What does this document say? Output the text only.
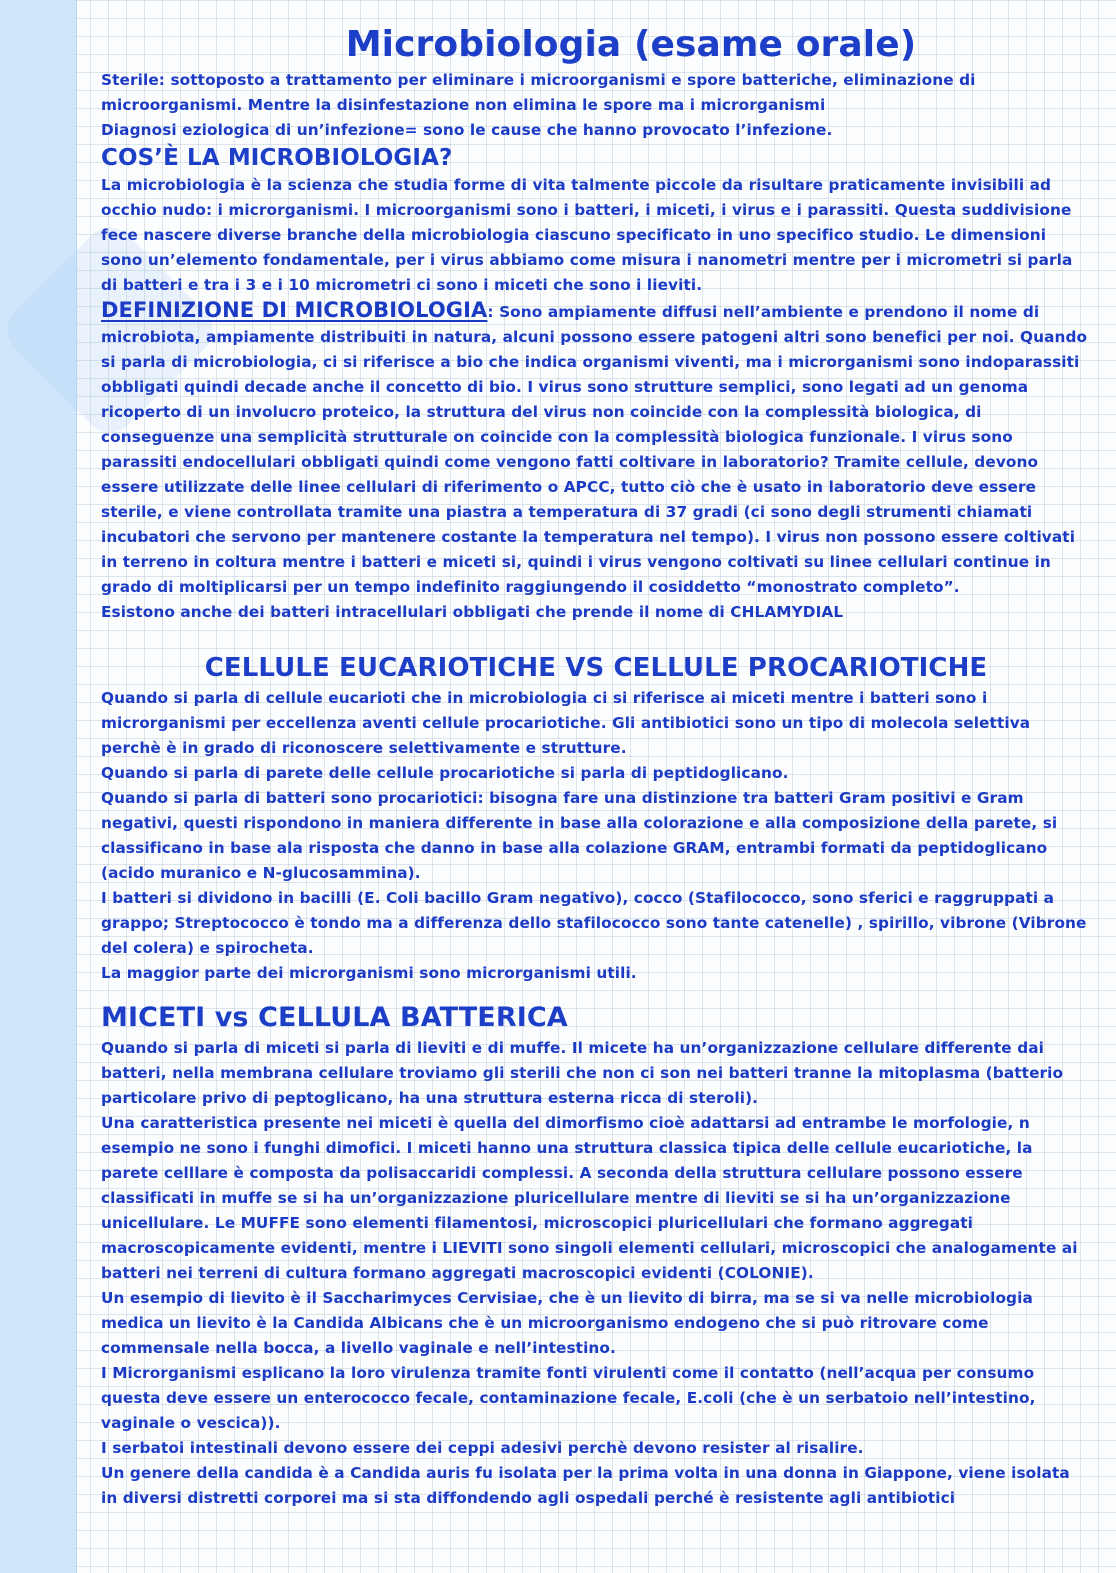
Microbiologia (esame orale)

Sterile: sottoposto a trattamento per eliminare i microorganismi e spore batteriche, eliminazione di microorganismi. Mentre la disinfestazione non elimina le spore ma i microrganismi

Diagnosi eziologica di un’infezione= sono le cause che hanno provocato l’infezione.

COS’È LA MICROBIOLOGIA?

La microbiologia è la scienza che studia forme di vita talmente piccole da risultare praticamente invisibili ad occhio nudo: i microrganismi. I microorganismi sono i batteri, i miceti, i virus e i parassiti. Questa suddivisione fece nascere diverse branche della microbiologia ciascuno specificato in uno specifico studio. Le dimensioni sono un’elemento fondamentale, per i virus abbiamo come misura i nanometri mentre per i micrometri si parla di batteri e tra i 3 e i 10 micrometri ci sono i miceti che sono i lieviti.

DEFINIZIONE DI MICROBIOLOGIA: Sono ampiamente diffusi nell’ambiente e prendono il nome di microbiota, ampiamente distribuiti in natura, alcuni possono essere patogeni altri sono benefici per noi. Quando si parla di microbiologia, ci si riferisce a bio che indica organismi viventi, ma i microrganismi sono indoparassiti obbligati quindi decade anche il concetto di bio. I virus sono strutture semplici, sono legati ad un genoma ricoperto di un involucro proteico, la struttura del virus non coincide con la complessità biologica, di conseguenze una semplicità strutturale on coincide con la complessità biologica funzionale. I virus sono parassiti endocellulari obbligati quindi come vengono fatti coltivare in laboratorio? Tramite cellule, devono essere utilizzate delle linee cellulari di riferimento o APCC, tutto ciò che è usato in laboratorio deve essere sterile, e viene controllata tramite una piastra a temperatura di 37 gradi (ci sono degli strumenti chiamati incubatori che servono per mantenere costante la temperatura nel tempo). I virus non possono essere coltivati in terreno in coltura mentre i batteri e miceti si, quindi i virus vengono coltivati su linee cellulari continue in grado di moltiplicarsi per un tempo indefinito raggiungendo il cosiddetto “monostrato completo”.

Esistono anche dei batteri intracellulari obbligati che prende il nome di CHLAMYDIAL

CELLULE EUCARIOTICHE VS CELLULE PROCARIOTICHE

Quando si parla di cellule eucarioti che in microbiologia ci si riferisce ai miceti mentre i batteri sono i microrganismi per eccellenza aventi cellule procariotiche. Gli antibiotici sono un tipo di molecola selettiva perchè è in grado di riconoscere selettivamente e strutture.

Quando si parla di parete delle cellule procariotiche si parla di peptidoglicano.

Quando si parla di batteri sono procariotici: bisogna fare una distinzione tra batteri Gram positivi e Gram negativi, questi rispondono in maniera differente in base alla colorazione e alla composizione della parete, si classificano in base ala risposta che danno in base alla colazione GRAM, entrambi formati da peptidoglicano (acido muranico e N-glucosammina).

I batteri si dividono in bacilli (E. Coli bacillo Gram negativo), cocco (Stafilococco, sono sferici e raggruppati a grappo; Streptococco è tondo ma a differenza dello stafilococco sono tante catenelle) , spirillo, vibrone (Vibrone del colera) e spirocheta.

La maggior parte dei microrganismi sono microrganismi utili.

MICETI vs CELLULA BATTERICA

Quando si parla di miceti si parla di lieviti e di muffe. Il micete ha un’organizzazione cellulare differente dai batteri, nella membrana cellulare troviamo gli sterili che non ci son nei batteri tranne la mitoplasma (batterio particolare privo di peptoglicano, ha una struttura esterna ricca di steroli).

Una caratteristica presente nei miceti è quella del dimorfismo cioè adattarsi ad entrambe le morfologie, n esempio ne sono i funghi dimofici. I miceti hanno una struttura classica tipica delle cellule eucariotiche, la parete celllare è composta da polisaccaridi complessi. A seconda della struttura cellulare possono essere classificati in muffe se si ha un’organizzazione pluricellulare mentre di lieviti se si ha un’organizzazione unicellulare. Le MUFFE sono elementi filamentosi, microscopici pluricellulari che formano aggregati macroscopicamente evidenti, mentre i LIEVITI sono singoli elementi cellulari, microscopici che analogamente ai batteri nei terreni di cultura formano aggregati macroscopici evidenti (COLONIE).

Un esempio di lievito è il Saccharimyces Cervisiae, che è un lievito di birra, ma se si va nelle microbiologia medica un lievito è la Candida Albicans che è un microorganismo endogeno che si può ritrovare come commensale nella bocca, a livello vaginale e nell’intestino.

I Microrganismi esplicano la loro virulenza tramite fonti virulenti come il contatto (nell’acqua per consumo questa deve essere un enterococco fecale, contaminazione fecale, E.coli (che è un serbatoio nell’intestino, vaginale o vescica)).

I serbatoi intestinali devono essere dei ceppi adesivi perchè devono resister al risalire.

Un genere della candida è a Candida auris fu isolata per la prima volta in una donna in Giappone, viene isolata in diversi distretti corporei ma si sta diffondendo agli ospedali perché è resistente agli antibiotici
